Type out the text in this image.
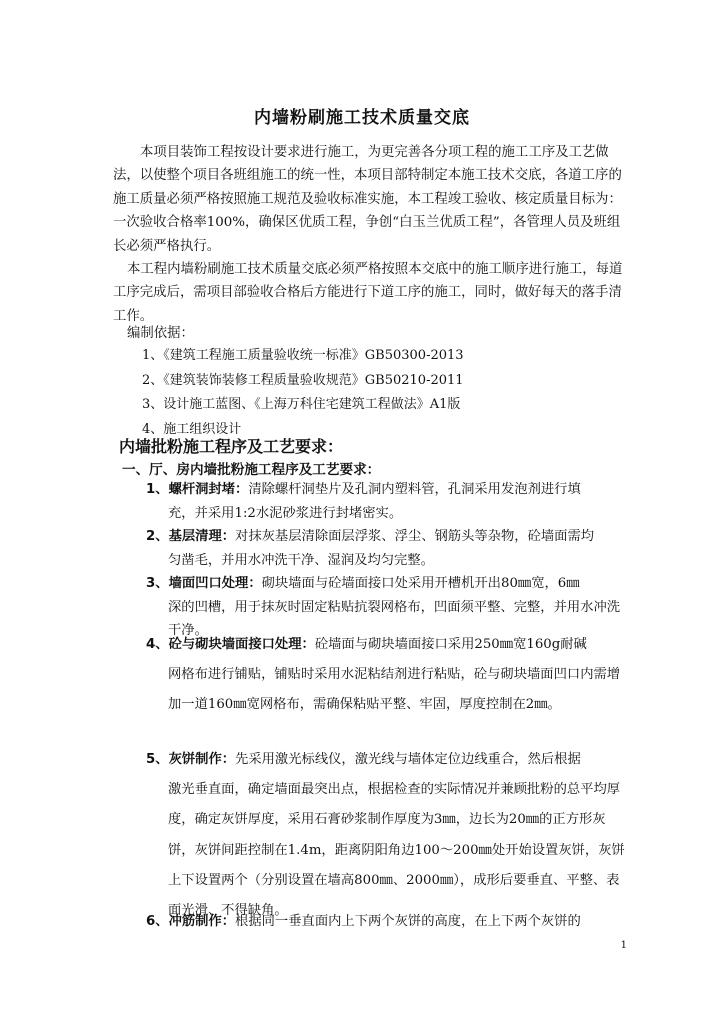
内墙粉刷施工技术质量交底

本项目装饰工程按设计要求进行施工，为更完善各分项工程的施工工序及工艺做法，以使整个项目各班组施工的统一性，本项目部特制定本施工技术交底，各道工序的施工质量必须严格按照施工规范及验收标准实施，本工程竣工验收、核定质量目标为：一次验收合格率100%，确保区优质工程，争创“白玉兰优质工程”，各管理人员及班组长必须严格执行。

本工程内墙粉刷施工技术质量交底必须严格按照本交底中的施工顺序进行施工，每道工序完成后，需项目部验收合格后方能进行下道工序的施工，同时，做好每天的落手清工作。

编制依据：
1、《建筑工程施工质量验收统一标准》GB50300-2013
2、《建筑装饰装修工程质量验收规范》GB50210-2011
3、设计施工蓝图、《上海万科住宅建筑工程做法》A1版
4、施工组织设计
内墙批粉施工程序及工艺要求：
一、厅、房内墙批粉施工程序及工艺要求：
1、螺杆洞封堵：清除螺杆洞垫片及孔洞内塑料管，孔洞采用发泡剂进行填
充，并采用1:2水泥砂浆进行封堵密实。
2、基层清理：对抹灰基层清除面层浮浆、浮尘、钢筋头等杂物，砼墙面需均
匀凿毛，并用水冲洗干净、湿润及均匀完整。
3、墙面凹口处理：砌块墙面与砼墙面接口处采用开槽机开出80㎜宽，6㎜
深的凹槽，用于抹灰时固定粘贴抗裂网格布，凹面须平整、完整，并用水冲洗干净。
4、砼与砌块墙面接口处理：砼墙面与砌块墙面接口采用250㎜宽160g耐碱
网格布进行铺贴，铺贴时采用水泥粘结剂进行粘贴，砼与砌块墙面凹口内需增加一道160㎜宽网格布，需确保粘贴平整、牢固，厚度控制在2㎜。
5、灰饼制作：先采用激光标线仪，激光线与墙体定位边线重合，然后根据
激光垂直面，确定墙面最突出点，根据检查的实际情况并兼顾批粉的总平均厚度，确定灰饼厚度，采用石膏砂浆制作厚度为3㎜，边长为20㎜的正方形灰饼，灰饼间距控制在1.4m，距离阴阳角边100～200㎜处开始设置灰饼，灰饼上下设置两个（分别设置在墙高800㎜、2000㎜），成形后要垂直、平整、表面光滑、不得缺角。
6、冲筋制作：根据同一垂直面内上下两个灰饼的高度，在上下两个灰饼的
1
